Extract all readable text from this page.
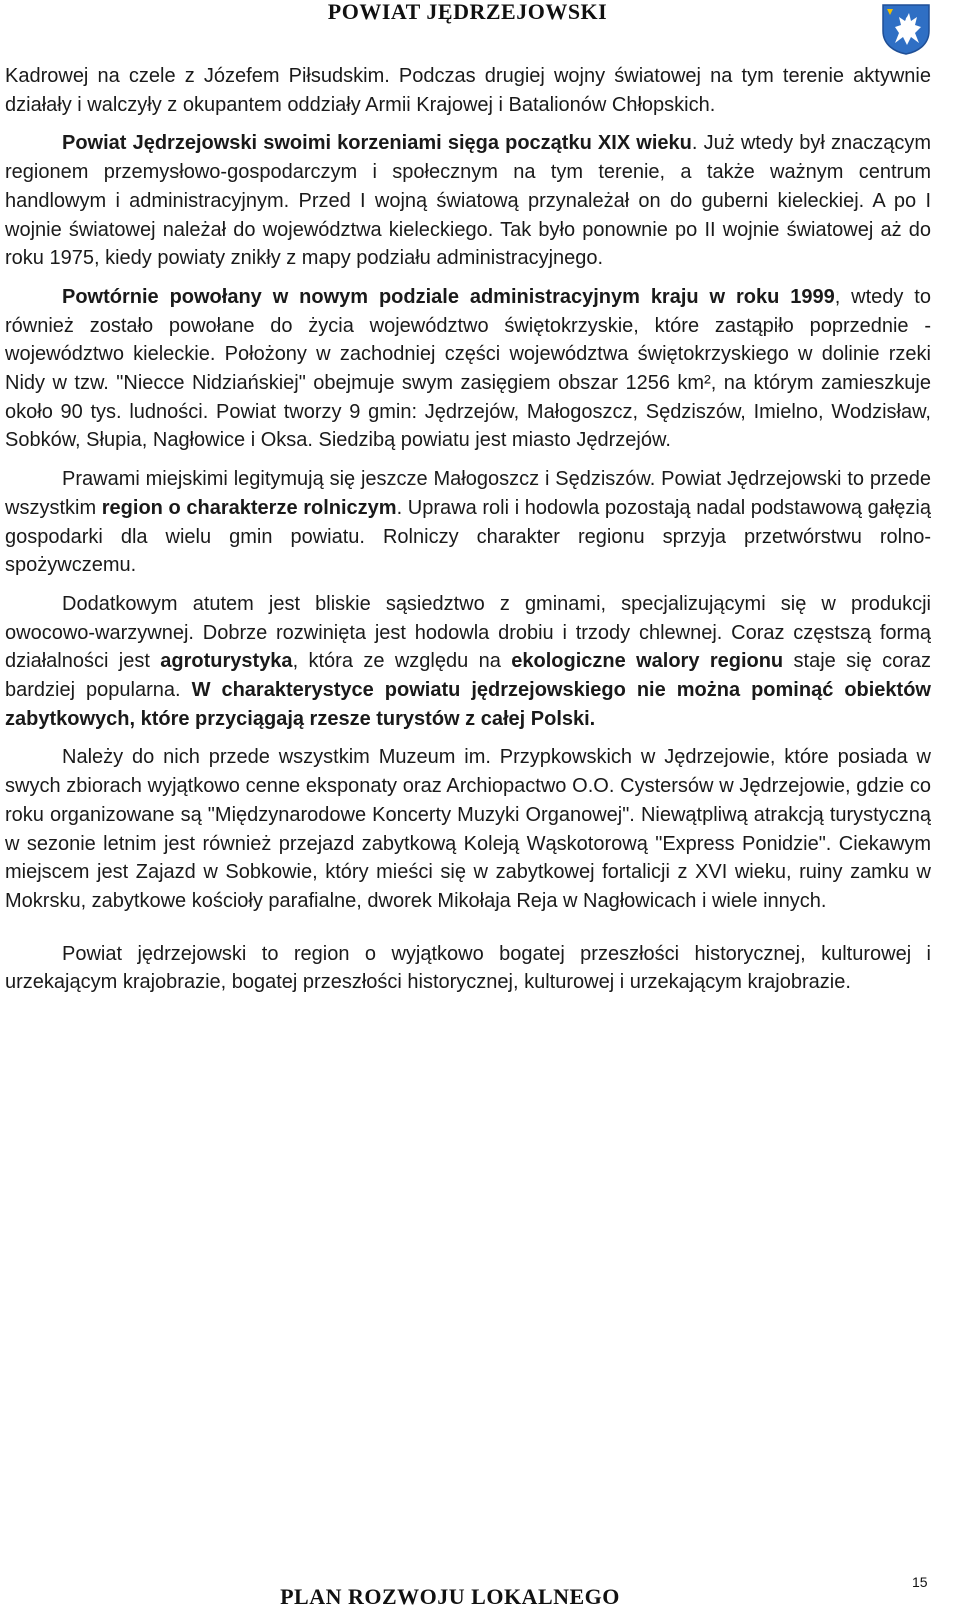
POWIAT JĘDRZEJOWSKI

Kadrowej na czele z Józefem Piłsudskim. Podczas drugiej wojny światowej na tym terenie aktywnie działały i walczyły z okupantem oddziały Armii Krajowej i Batalionów Chłopskich.

Powiat Jędrzejowski swoimi korzeniami sięga początku XIX wieku. Już wtedy był znaczącym regionem przemysłowo-gospodarczym i społecznym na tym terenie, a także ważnym centrum handlowym i administracyjnym. Przed I wojną światową przynależał on do guberni kieleckiej. A po I wojnie światowej należał do województwa kieleckiego. Tak było ponownie po II wojnie światowej aż do roku 1975, kiedy powiaty znikły z mapy podziału administracyjnego.

Powtórnie powołany w nowym podziale administracyjnym kraju w roku 1999, wtedy to również zostało powołane do życia województwo świętokrzyskie, które zastąpiło poprzednie - województwo kieleckie. Położony w zachodniej części województwa świętokrzyskiego w dolinie rzeki Nidy w tzw. "Niecce Nidziańskiej" obejmuje swym zasięgiem obszar 1256 km², na którym zamieszkuje około 90 tys. ludności. Powiat tworzy 9 gmin: Jędrzejów, Małogoszcz, Sędziszów, Imielno, Wodzisław, Sobków, Słupia, Nagłowice i Oksa. Siedzibą powiatu jest miasto Jędrzejów.

Prawami miejskimi legitymują się jeszcze Małogoszcz i Sędziszów. Powiat Jędrzejowski to przede wszystkim region o charakterze rolniczym. Uprawa roli i hodowla pozostają nadal podstawową gałęzią gospodarki dla wielu gmin powiatu. Rolniczy charakter regionu sprzyja przetwórstwu rolno-spożywczemu.

Dodatkowym atutem jest bliskie sąsiedztwo z gminami, specjalizującymi się w produkcji owocowo-warzywnej. Dobrze rozwinięta jest hodowla drobiu i trzody chlewnej. Coraz częstszą formą działalności jest agroturystyka, która ze względu na ekologiczne walory regionu staje się coraz bardziej popularna. W charakterystyce powiatu jędrzejowskiego nie można pominąć obiektów zabytkowych, które przyciągają rzesze turystów z całej Polski.

Należy do nich przede wszystkim Muzeum im. Przypkowskich w Jędrzejowie, które posiada w swych zbiorach wyjątkowo cenne eksponaty oraz Archiopactwo O.O. Cystersów w Jędrzejowie, gdzie co roku organizowane są "Międzynarodowe Koncerty Muzyki Organowej". Niewątpliwą atrakcją turystyczną w sezonie letnim jest również przejazd zabytkową Koleją Wąskotorową "Express Ponidzie". Ciekawym miejscem jest Zajazd w Sobkowie, który mieści się w zabytkowej fortalicji z XVI wieku, ruiny zamku w Mokrsku, zabytkowe kościoły parafialne, dworek Mikołaja Reja w Nagłowicach i wiele innych.

Powiat jędrzejowski to region o wyjątkowo bogatej przeszłości historycznej, kulturowej i urzekającym krajobrazie, bogatej przeszłości historycznej, kulturowej i urzekającym krajobrazie.

PLAN ROZWOJU LOKALNEGO
15
